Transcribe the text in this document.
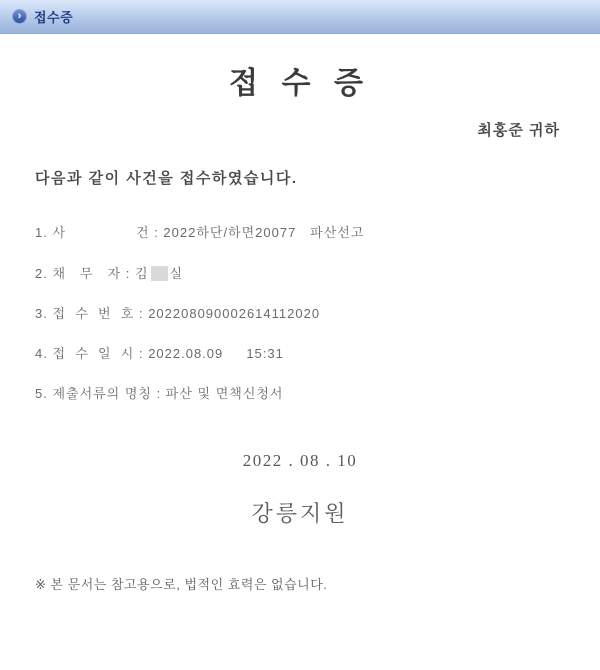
› 접수증
접 수 증
최홍준 귀하
다음과 같이 사건을 접수하였습니다.
1. 사　　　　　건 : 2022하단/하면20077   파산선고
2. 채　무　자 : 김 실
3. 접  수  번  호 : 202208090002614112020
4. 접  수  일  시 : 2022.08.09     15:31
5. 제출서류의 명칭 : 파산 및 면책신청서
2022 . 08 . 10
강릉지원
※ 본 문서는 참고용으로, 법적인 효력은 없습니다.
